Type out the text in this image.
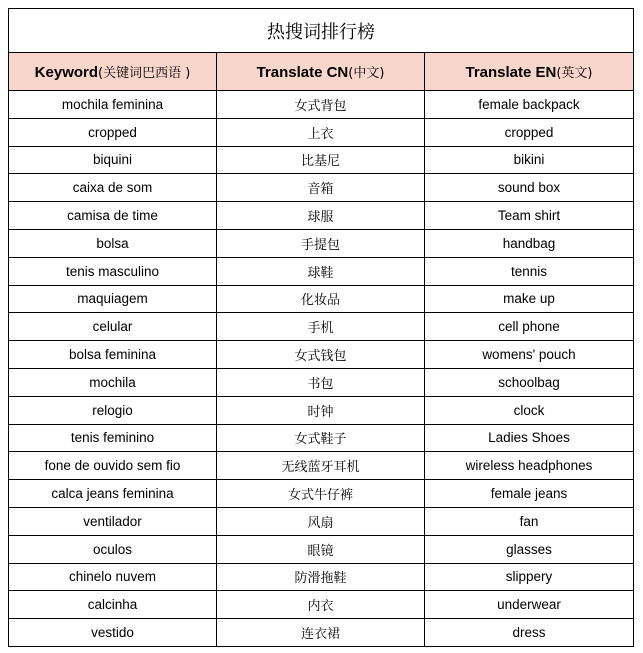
热搜词排行榜		
Keyword(关键词巴西语 )	Translate CN(中文)	Translate EN(英文)
mochila feminina	女式背包	female backpack
cropped	上衣	cropped
biquini	比基尼	bikini
caixa de som	音箱	sound box
camisa de time	球服	Team shirt
bolsa	手提包	handbag
tenis masculino	球鞋	tennis
maquiagem	化妆品	make up
celular	手机	cell phone
bolsa feminina	女式钱包	womens' pouch
mochila	书包	schoolbag
relogio	时钟	clock
tenis feminino	女式鞋子	Ladies Shoes
fone de ouvido sem fio	无线蓝牙耳机	wireless headphones
calca jeans feminina	女式牛仔裤	female jeans
ventilador	风扇	fan
oculos	眼镜	glasses
chinelo nuvem	防滑拖鞋	slippery
calcinha	内衣	underwear
vestido	连衣裙	dress
